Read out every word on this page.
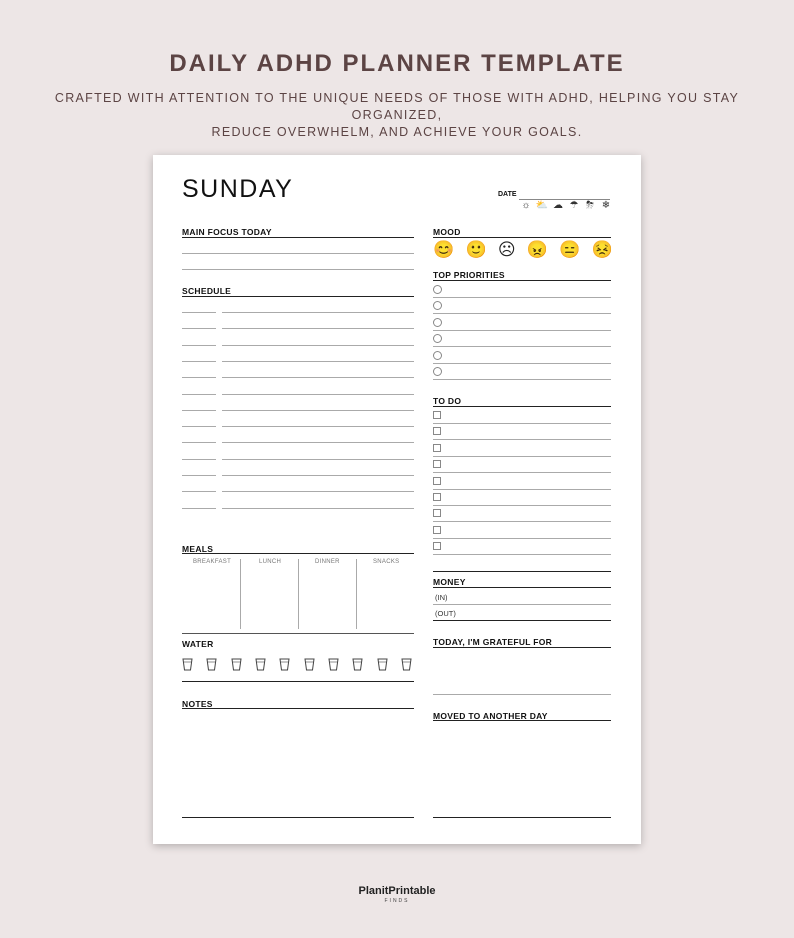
DAILY ADHD PLANNER TEMPLATE
CRAFTED WITH ATTENTION TO THE UNIQUE NEEDS OF THOSE WITH ADHD, HELPING YOU STAY ORGANIZED,
REDUCE OVERWHELM, AND ACHIEVE YOUR GOALS.
SUNDAY	DATE
☼ ⛅ ☁ ☂ ⛈ ❄
MAIN FOCUS TODAY
SCHEDULE
MEALS
BREAKFAST	LUNCH	DINNER	SNACKS
WATER
NOTES
MOOD
😊 🙂 ☹ 😠 😑 😣
TOP PRIORITIES
TO DO
MONEY
(IN)
(OUT)
TODAY, I'M GRATEFUL FOR
MOVED TO ANOTHER DAY
PlanitPrintable
FINDS
